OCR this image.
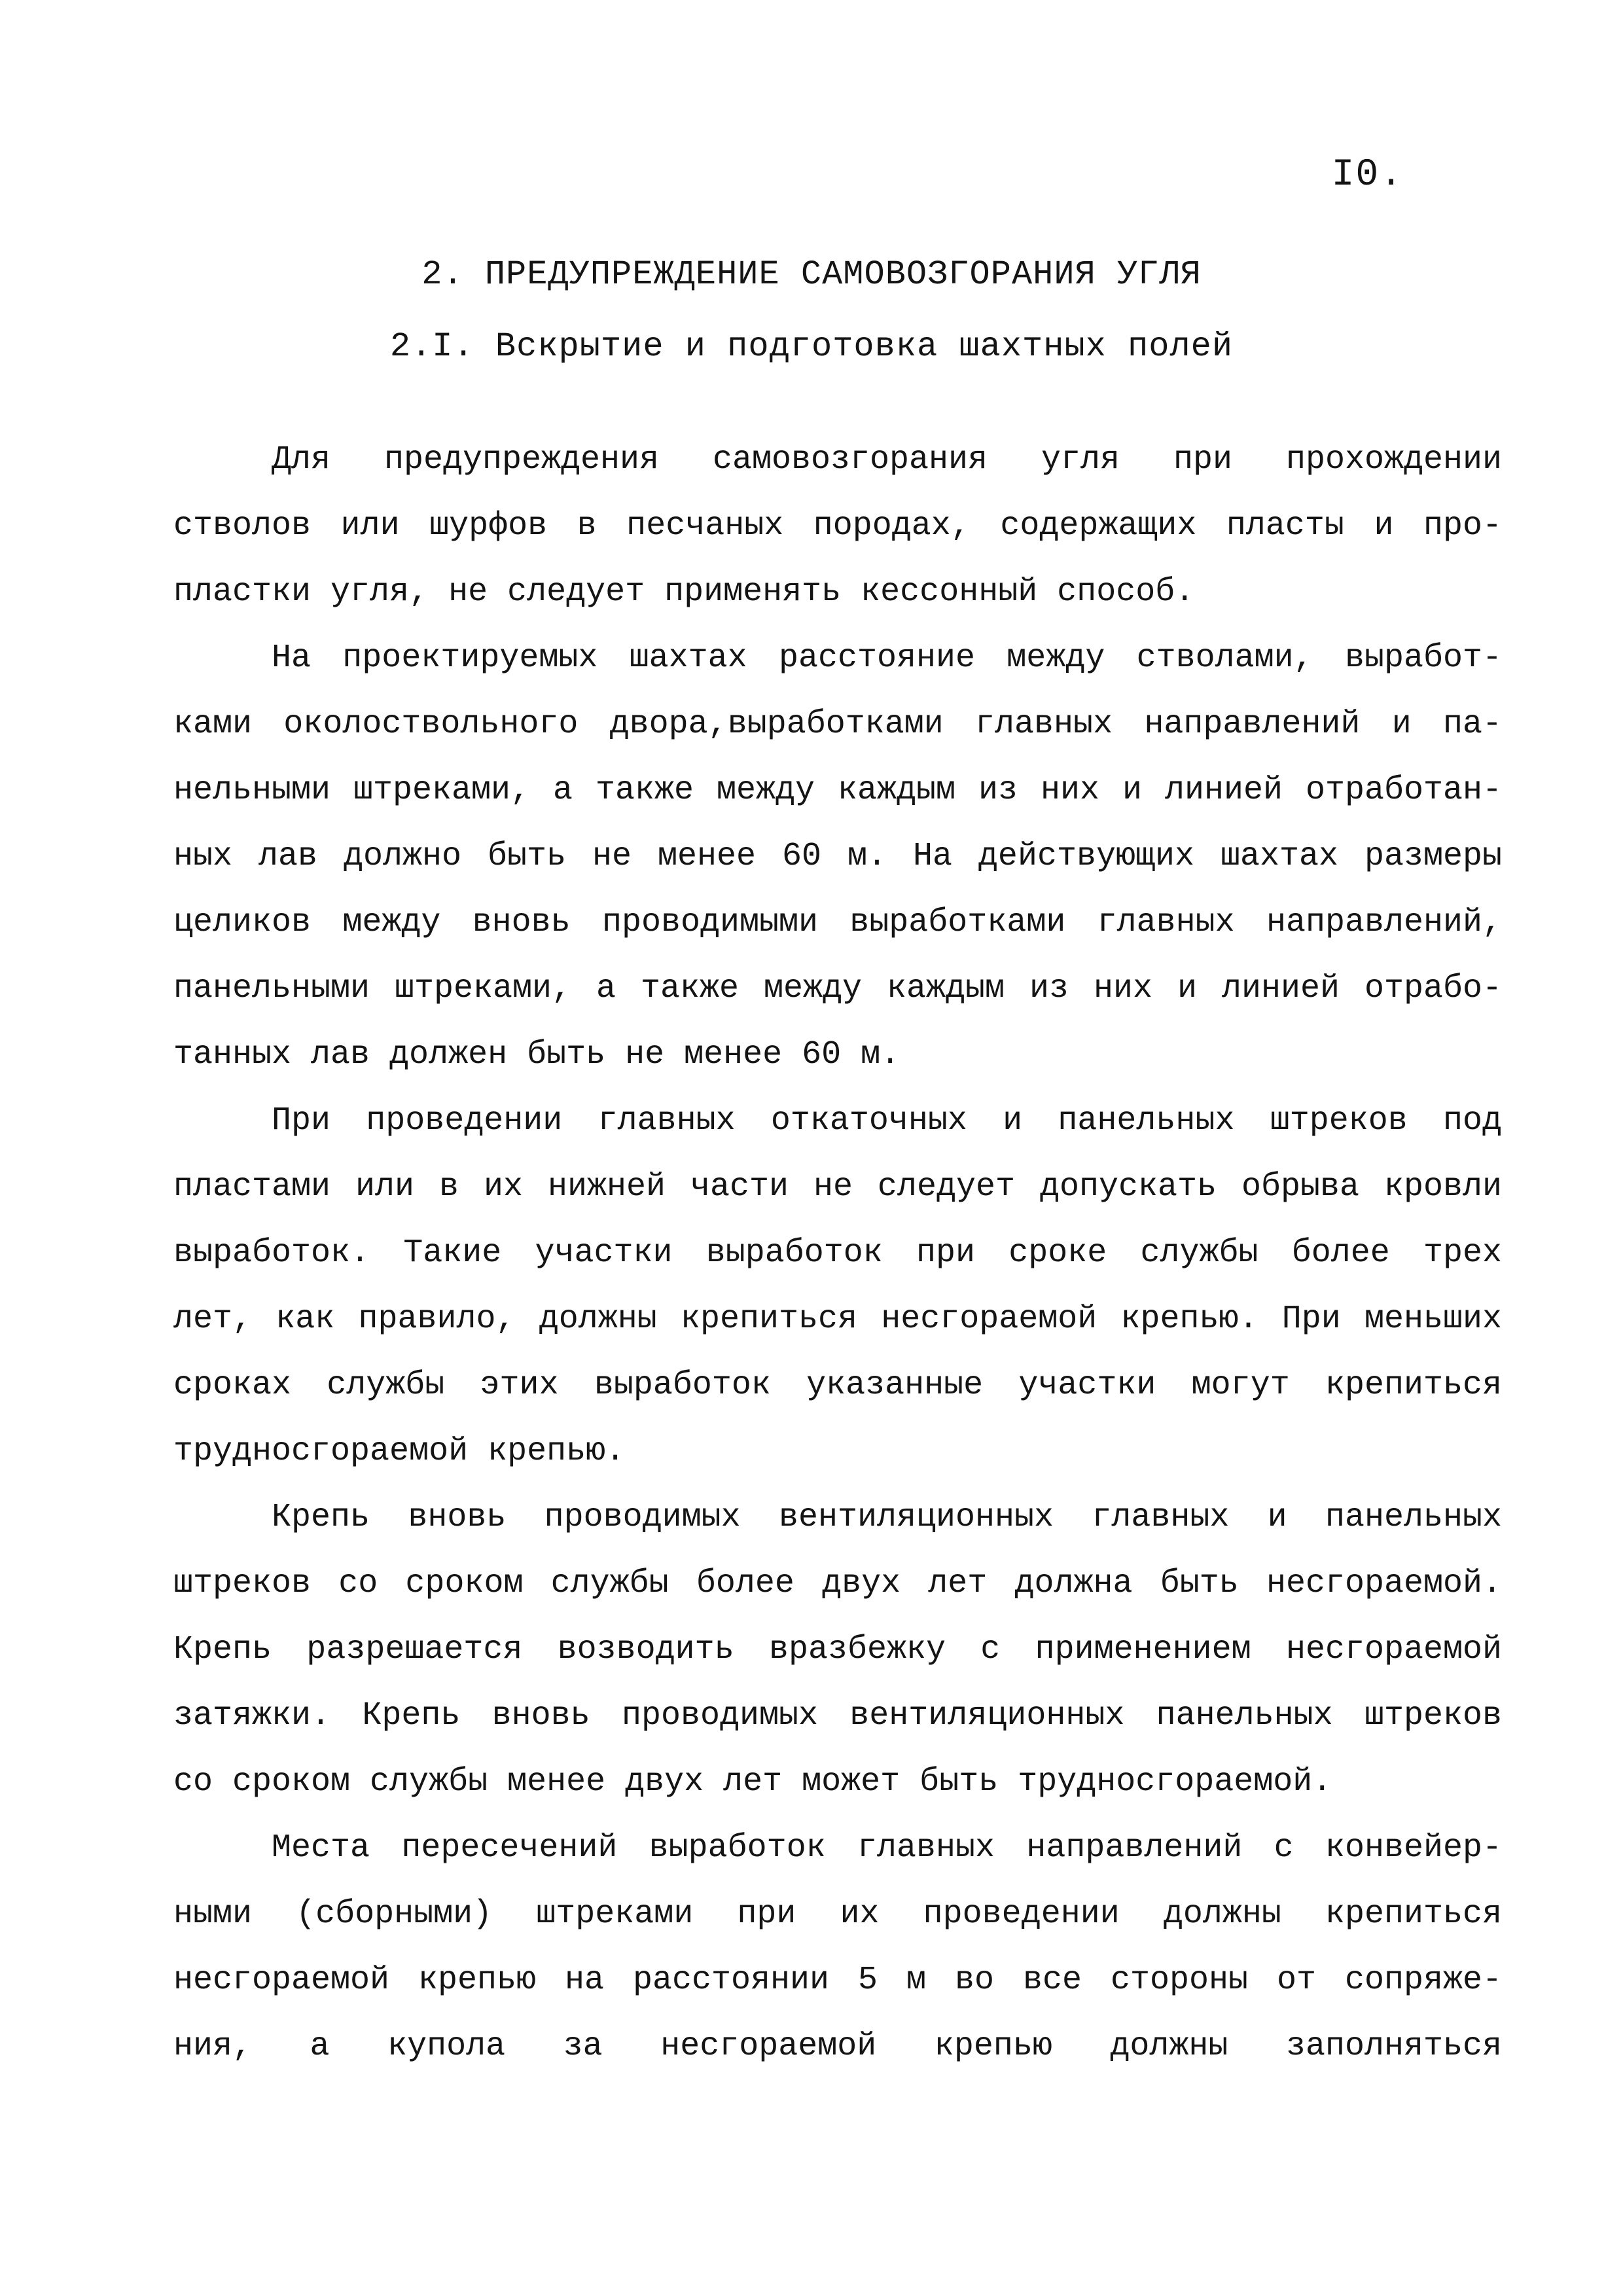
I0.
2. ПРЕДУПРЕЖДЕНИЕ САМОВОЗГОРАНИЯ УГЛЯ
2.I. Вскрытие и подготовка шахтных полей
Для предупреждения самовозгорания угля при прохождении
стволов или шурфов в песчаных породах, содержащих пласты и про-
пластки угля, не следует применять кессонный способ.
На проектируемых шахтах расстояние между стволами, выработ-
ками околоствольного двора,выработками главных направлений и па-
нельными штреками, а также между каждым из них и линией отработан-
ных лав должно быть не менее 60 м. На действующих шахтах размеры
целиков между вновь проводимыми выработками главных направлений,
панельными штреками, а также между каждым из них и линией отрабо-
танных лав должен быть не менее 60 м.
При проведении главных откаточных и панельных штреков под
пластами или в их нижней части не следует допускать обрыва кровли
выработок. Такие участки выработок при сроке службы более трех
лет, как правило, должны крепиться несгораемой крепью. При меньших
сроках службы этих выработок указанные участки могут крепиться
трудносгораемой крепью.
Крепь вновь проводимых вентиляционных главных и панельных
штреков со сроком службы более двух лет должна быть несгораемой.
Крепь разрешается возводить вразбежку с применением несгораемой
затяжки. Крепь вновь проводимых вентиляционных панельных штреков
со сроком службы менее двух лет может быть трудносгораемой.
Места пересечений выработок главных направлений с конвейер-
ными (сборными) штреками при их проведении должны крепиться
несгораемой крепью на расстоянии 5 м во все стороны от сопряже-
ния, а купола за несгораемой крепью должны заполняться
